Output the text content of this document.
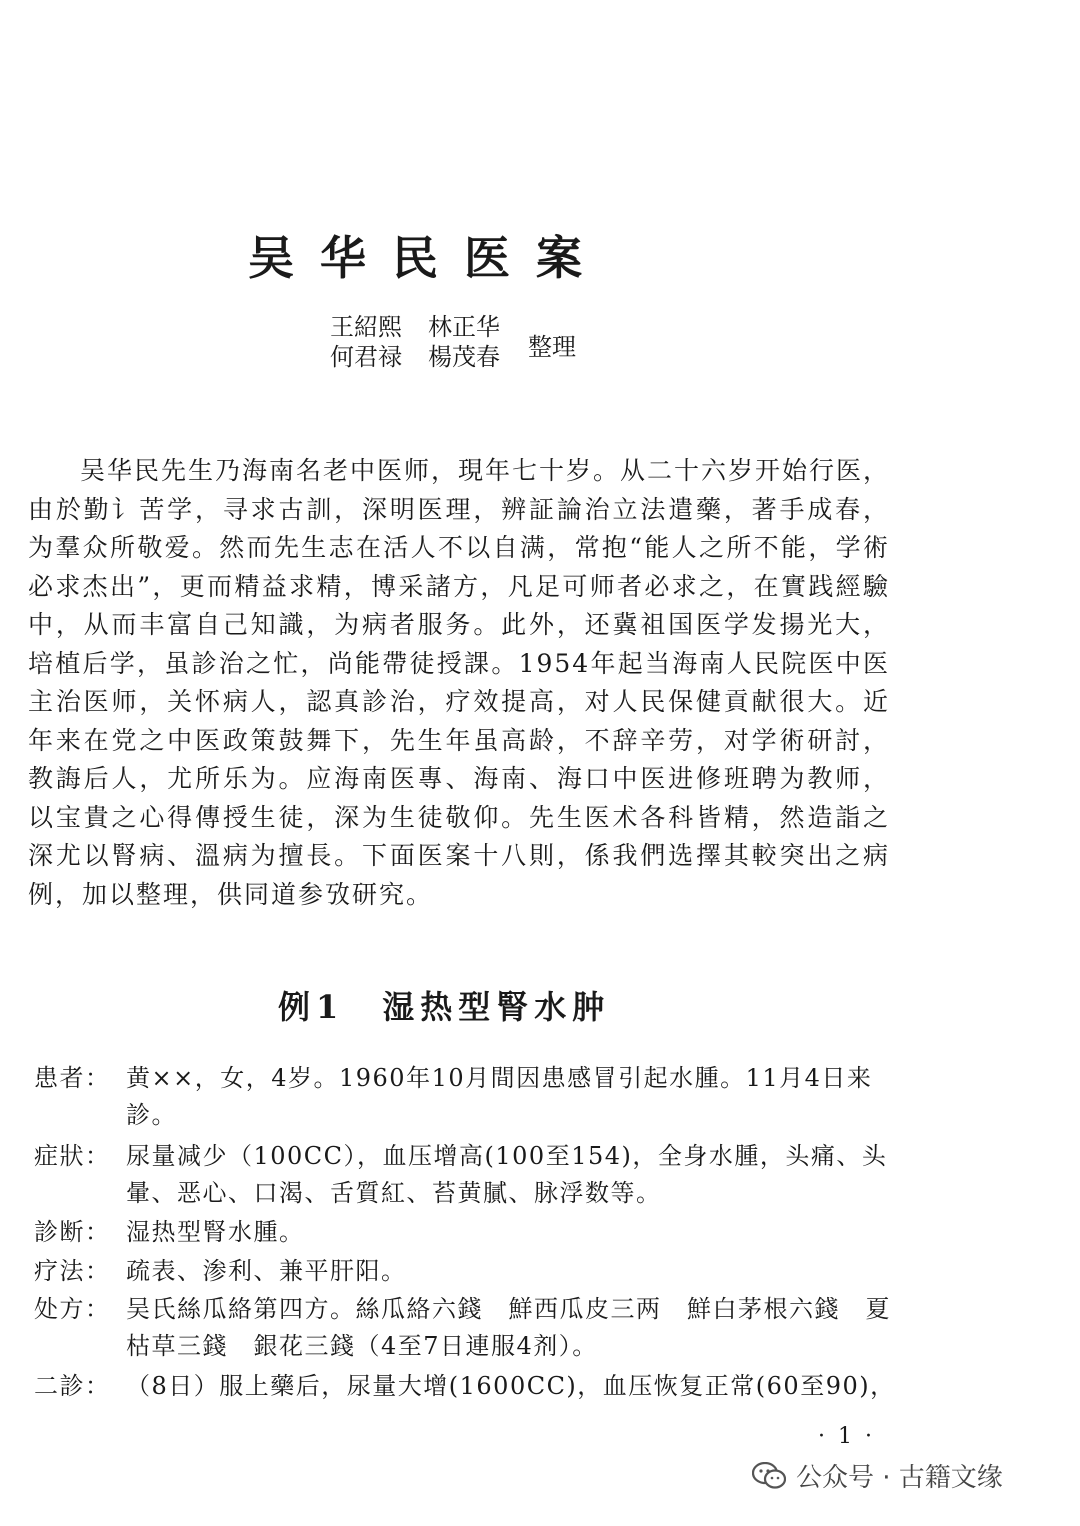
吴华民医案
王紹熙 林正华
何君禄 楊茂春 整理

吴华民先生乃海南名老中医师，現年七十岁。从二十六岁开始行医，由於勤讠苦学，寻求古訓，深明医理，辨証論治立法遣藥，著手成春，为羣众所敬爱。然而先生志在活人不以自满，常抱“能人之所不能，学術必求杰出”，更而精益求精，博采諸方，凡足可师者必求之，在實践經驗中，从而丰富自己知識，为病者服务。此外，还冀祖国医学发揚光大，培植后学，虽診治之忙，尚能帶徒授課。1954年起当海南人民院医中医主治医师，关怀病人，認真診治，疗效提高，对人民保健貢献很大。近年来在党之中医政策鼓舞下，先生年虽高龄，不辞辛劳，对学術研討，教誨后人，尤所乐为。应海南医專、海南、海口中医进修班聘为教师，以宝貴之心得傳授生徒，深为生徒敬仰。先生医术各科皆精，然造詣之深尤以腎病、溫病为擅長。下面医案十八則，係我們选擇其較突出之病例，加以整理，供同道参攷研究。

例1　湿热型腎水肿
患者： 黄××，女，4岁。1960年10月間因患感冒引起水腫。11月4日来診。
症狀： 尿量减少（100CC），血压增高(100至154)，全身水腫，头痛、头暈、恶心、口渴、舌質紅、苔黄膩、脉浮数等。
診断： 湿热型腎水腫。
疗法： 疏表、渗利、兼平肝阳。
处方： 吴氏絲瓜絡第四方。絲瓜絡六錢　鮮西瓜皮三两　鮮白茅根六錢　夏枯草三錢　銀花三錢（4至7日連服4剂）。
二診： （8日）服上藥后，尿量大增(1600CC)，血压恢复正常(60至90)，
· 1 ·
公众号 · 古籍文缘
